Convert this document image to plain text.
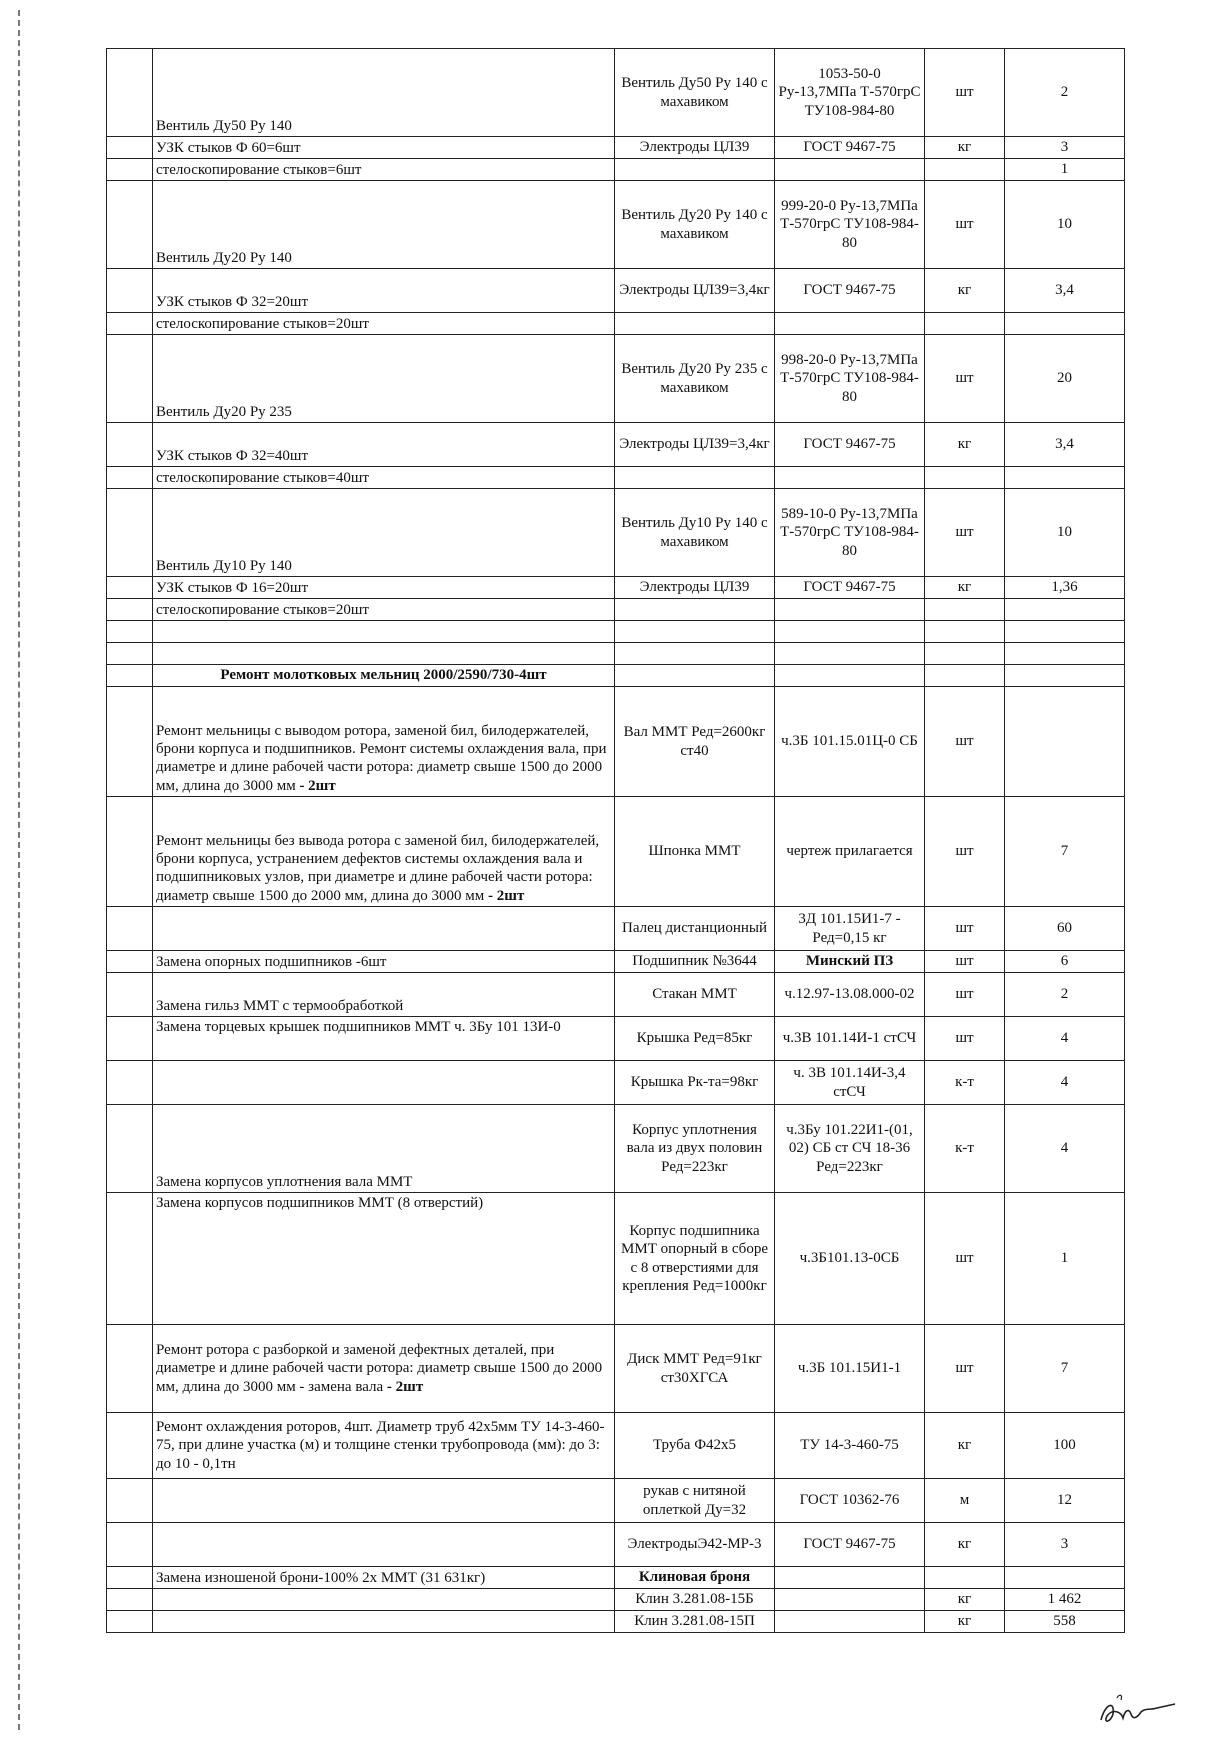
	Вентиль Ду50 Ру 140	Вентиль Ду50 Ру 140 с махавиком	1053-50-0 Ру-13,7МПа Т-570грС ТУ108-984-80	шт	2
	УЗК стыков Ф 60=6шт	Электроды ЦЛ39	ГОСТ 9467-75	кг	3
	стелоскопирование стыков=6шт				1
	Вентиль Ду20 Ру 140	Вентиль Ду20 Ру 140 с махавиком	999-20-0 Ру-13,7МПа Т-570грС ТУ108-984-80	шт	10
	УЗК стыков Ф 32=20шт	Электроды ЦЛ39=3,4кг	ГОСТ 9467-75	кг	3,4
	стелоскопирование стыков=20шт				
	Вентиль Ду20 Ру 235	Вентиль Ду20 Ру 235 с махавиком	998-20-0 Ру-13,7МПа Т-570грС ТУ108-984-80	шт	20
	УЗК стыков Ф 32=40шт	Электроды ЦЛ39=3,4кг	ГОСТ 9467-75	кг	3,4
	стелоскопирование стыков=40шт				
	Вентиль Ду10 Ру 140	Вентиль Ду10 Ру 140 с махавиком	589-10-0 Ру-13,7МПа Т-570грС ТУ108-984-80	шт	10
	УЗК стыков Ф 16=20шт	Электроды ЦЛ39	ГОСТ 9467-75	кг	1,36
	стелоскопирование стыков=20шт				

	Ремонт молотковых мельниц 2000/2590/730-4шт				
	Ремонт мельницы с выводом ротора, заменой бил, билодержателей, брони корпуса и подшипников. Ремонт системы охлаждения вала, при диаметре и длине рабочей части ротора: диаметр свыше 1500 до 2000 мм, длина до 3000 мм - 2шт	Вал ММТ Ред=2600кг ст40	ч.3Б 101.15.01Ц-0 СБ	шт	
	Ремонт мельницы без вывода ротора с заменой бил, билодержателей, брони корпуса, устранением дефектов системы охлаждения вала и подшипниковых узлов, при диаметре и длине рабочей части ротора: диаметр свыше 1500 до 2000 мм, длина до 3000 мм - 2шт	Шпонка ММТ	чертеж прилагается	шт	7
		Палец дистанционный	3Д 101.15И1-7 - Ред=0,15 кг	шт	60
	Замена опорных подшипников -6шт	Подшипник №3644	Минский ПЗ	шт	6
	Замена гильз ММТ с термообработкой	Стакан ММТ	ч.12.97-13.08.000-02	шт	2
	Замена торцевых крышек подшипников ММТ ч. 3Бу 101 13И-0	Крышка Ред=85кг	ч.3В 101.14И-1 стСЧ	шт	4
		Крышка Рк-та=98кг	ч. 3В 101.14И-3,4 стСЧ	к-т	4
	Замена корпусов уплотнения вала ММТ	Корпус уплотнения вала из двух половин Ред=223кг	ч.3Бу 101.22И1-(01, 02) СБ ст СЧ 18-36 Ред=223кг	к-т	4
	Замена корпусов подшипников ММТ (8 отверстий)	Корпус подшипника ММТ опорный в сборе с 8 отверстиями для крепления Ред=1000кг	ч.3Б101.13-0СБ	шт	1
	Ремонт ротора с разборкой и заменой дефектных деталей, при диаметре и длине рабочей части ротора: диаметр свыше 1500 до 2000 мм, длина до 3000 мм - замена вала - 2шт	Диск ММТ Ред=91кг ст30ХГСА	ч.3Б 101.15И1-1	шт	7
	Ремонт охлаждения роторов, 4шт. Диаметр труб 42х5мм ТУ 14-3-460-75, при длине участка (м) и толщине стенки трубопровода (мм): до 3: до 10 - 0,1тн	Труба Ф42х5	ТУ 14-3-460-75	кг	100
		рукав с нитяной оплеткой Ду=32	ГОСТ 10362-76	м	12
		ЭлектродыЭ42-МР-3	ГОСТ 9467-75	кг	3
	Замена изношеной брони-100% 2х ММТ (31 631кг)	Клиновая броня			
		Клин 3.281.08-15Б		кг	1 462
		Клин 3.281.08-15П		кг	558
